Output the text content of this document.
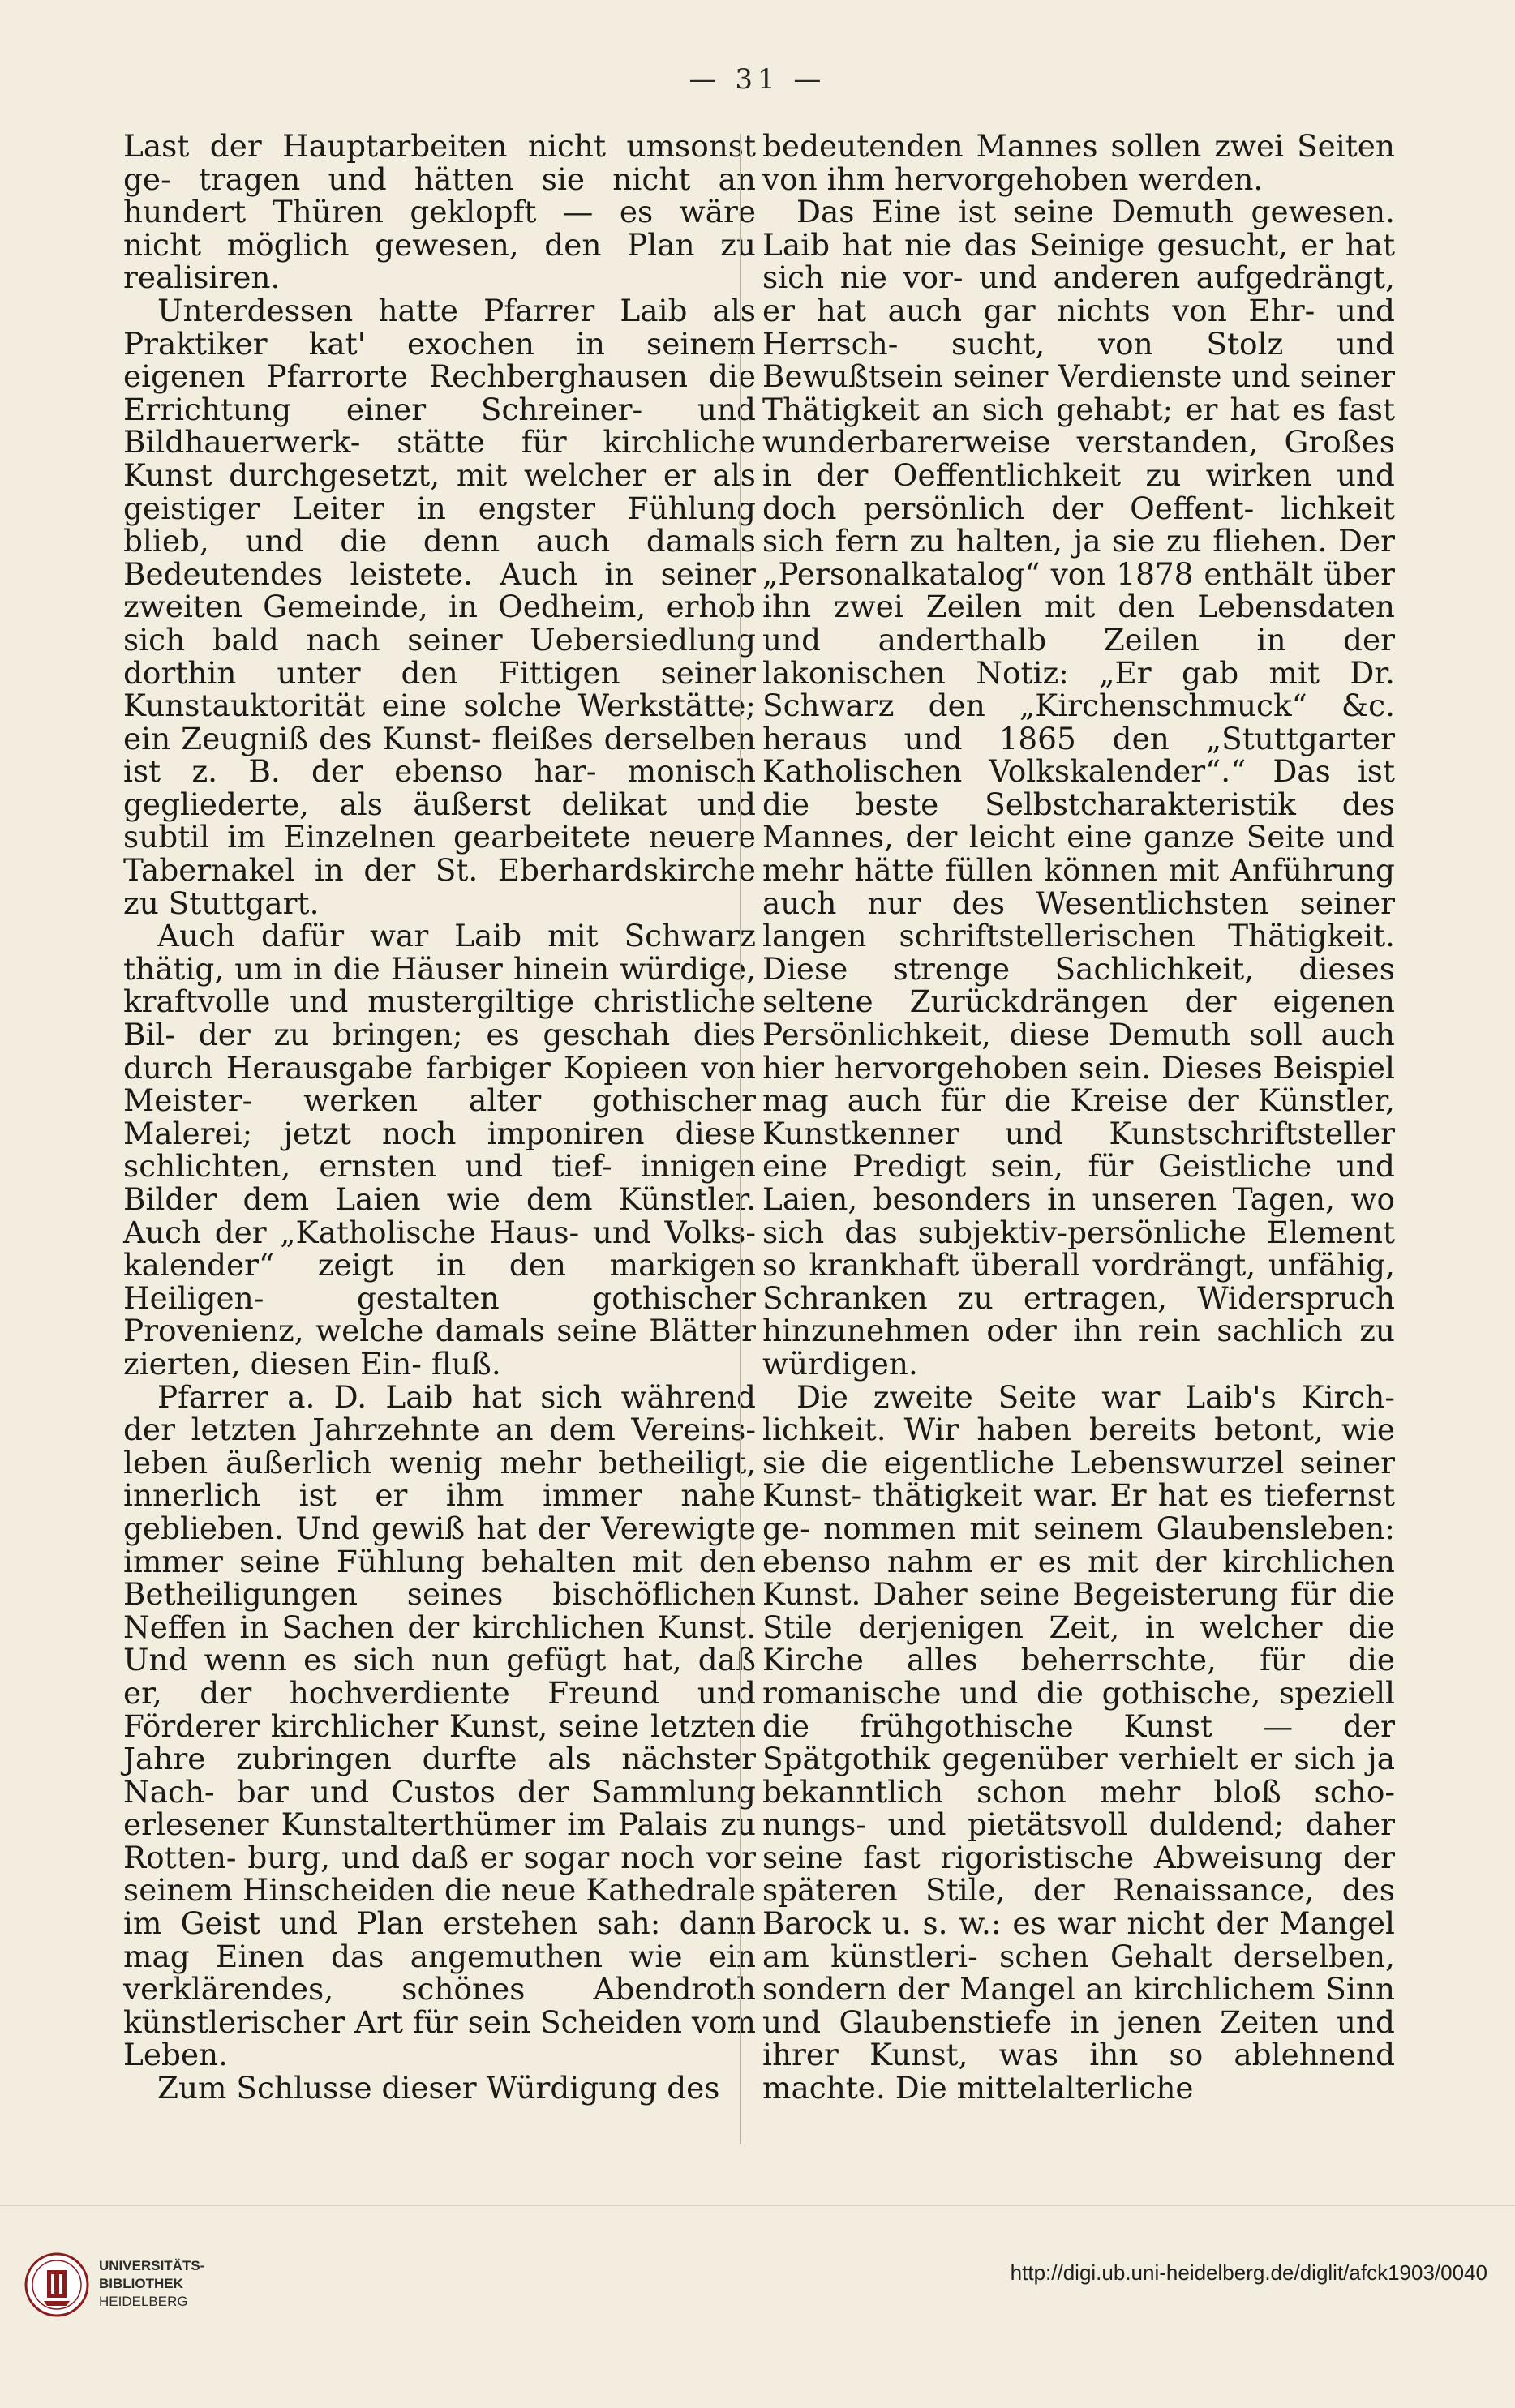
— 31 —

Last der Hauptarbeiten nicht umsonst ge- tragen und hätten sie nicht an hundert Thüren geklopft — es wäre nicht möglich gewesen, den Plan zu realisiren.

Unterdessen hatte Pfarrer Laib als Praktiker kat' exochen in seinem eigenen Pfarrorte Rechberghausen die Errichtung einer Schreiner- und Bildhauerwerk- stätte für kirchliche Kunst durchgesetzt, mit welcher er als geistiger Leiter in engster Fühlung blieb, und die denn auch damals Bedeutendes leistete. Auch in seiner zweiten Gemeinde, in Oedheim, erhob sich bald nach seiner Uebersiedlung dorthin unter den Fittigen seiner Kunstauktorität eine solche Werkstätte; ein Zeugniß des Kunst- fleißes derselben ist z. B. der ebenso har- monisch gegliederte, als äußerst delikat und subtil im Einzelnen gearbeitete neuere Tabernakel in der St. Eberhardskirche zu Stuttgart.

Auch dafür war Laib mit Schwarz thätig, um in die Häuser hinein würdige, kraftvolle und mustergiltige christliche Bil- der zu bringen; es geschah dies durch Herausgabe farbiger Kopieen von Meister- werken alter gothischer Malerei; jetzt noch imponiren diese schlichten, ernsten und tief- innigen Bilder dem Laien wie dem Künstler. Auch der „Katholische Haus- und Volks- kalender“ zeigt in den markigen Heiligen- gestalten gothischer Provenienz, welche damals seine Blätter zierten, diesen Ein- fluß.

Pfarrer a. D. Laib hat sich während der letzten Jahrzehnte an dem Vereins- leben äußerlich wenig mehr betheiligt, innerlich ist er ihm immer nahe geblieben. Und gewiß hat der Verewigte immer seine Fühlung behalten mit den Betheiligungen seines bischöflichen Neffen in Sachen der kirchlichen Kunst. Und wenn es sich nun gefügt hat, daß er, der hochverdiente Freund und Förderer kirchlicher Kunst, seine letzten Jahre zubringen durfte als nächster Nach- bar und Custos der Sammlung erlesener Kunstalterthümer im Palais zu Rotten- burg, und daß er sogar noch vor seinem Hinscheiden die neue Kathedrale im Geist und Plan erstehen sah: dann mag Einen das angemuthen wie ein verklärendes, schönes Abendroth künstlerischer Art für sein Scheiden vom Leben.

Zum Schlusse dieser Würdigung des

bedeutenden Mannes sollen zwei Seiten von ihm hervorgehoben werden.

Das Eine ist seine Demuth gewesen. Laib hat nie das Seinige gesucht, er hat sich nie vor- und anderen aufgedrängt, er hat auch gar nichts von Ehr- und Herrsch- sucht, von Stolz und Bewußtsein seiner Verdienste und seiner Thätigkeit an sich gehabt; er hat es fast wunderbarerweise verstanden, Großes in der Oeffentlichkeit zu wirken und doch persönlich der Oeffent- lichkeit sich fern zu halten, ja sie zu fliehen. Der „Personalkatalog“ von 1878 enthält über ihn zwei Zeilen mit den Lebensdaten und anderthalb Zeilen in der lakonischen Notiz: „Er gab mit Dr. Schwarz den „Kirchenschmuck“ &c. heraus und 1865 den „Stuttgarter Katholischen Volkskalender“.“ Das ist die beste Selbstcharakteristik des Mannes, der leicht eine ganze Seite und mehr hätte füllen können mit Anführung auch nur des Wesentlichsten seiner langen schriftstellerischen Thätigkeit. Diese strenge Sachlichkeit, dieses seltene Zurückdrängen der eigenen Persönlichkeit, diese Demuth soll auch hier hervorgehoben sein. Dieses Beispiel mag auch für die Kreise der Künstler, Kunstkenner und Kunstschriftsteller eine Predigt sein, für Geistliche und Laien, besonders in unseren Tagen, wo sich das subjektiv-persönliche Element so krankhaft überall vordrängt, unfähig, Schranken zu ertragen, Widerspruch hinzunehmen oder ihn rein sachlich zu würdigen.

Die zweite Seite war Laib's Kirch- lichkeit. Wir haben bereits betont, wie sie die eigentliche Lebenswurzel seiner Kunst- thätigkeit war. Er hat es tiefernst ge- nommen mit seinem Glaubensleben: ebenso nahm er es mit der kirchlichen Kunst. Daher seine Begeisterung für die Stile derjenigen Zeit, in welcher die Kirche alles beherrschte, für die romanische und die gothische, speziell die frühgothische Kunst — der Spätgothik gegenüber verhielt er sich ja bekanntlich schon mehr bloß scho- nungs- und pietätsvoll duldend; daher seine fast rigoristische Abweisung der späteren Stile, der Renaissance, des Barock u. s. w.: es war nicht der Mangel am künstleri- schen Gehalt derselben, sondern der Mangel an kirchlichem Sinn und Glaubenstiefe in jenen Zeiten und ihrer Kunst, was ihn so ablehnend machte. Die mittelalterliche

UNIVERSITÄTS-
BIBLIOTHEK
HEIDELBERG
http://digi.ub.uni-heidelberg.de/diglit/afck1903/0040
